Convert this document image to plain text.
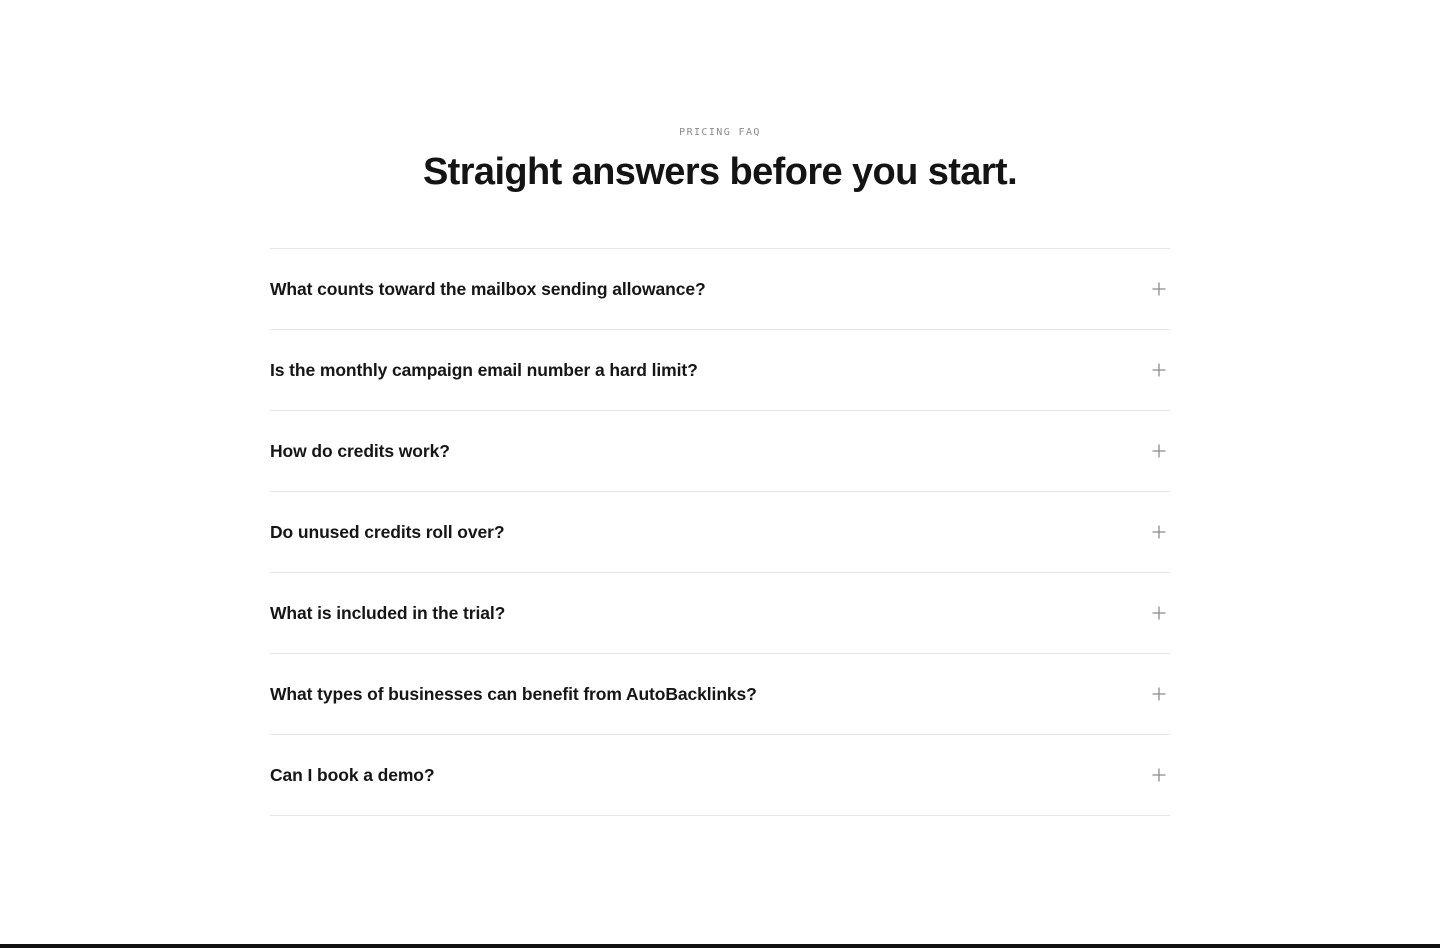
PRICING FAQ
Straight answers before you start.
What counts toward the mailbox sending allowance?
Is the monthly campaign email number a hard limit?
How do credits work?
Do unused credits roll over?
What is included in the trial?
What types of businesses can benefit from AutoBacklinks?
Can I book a demo?
